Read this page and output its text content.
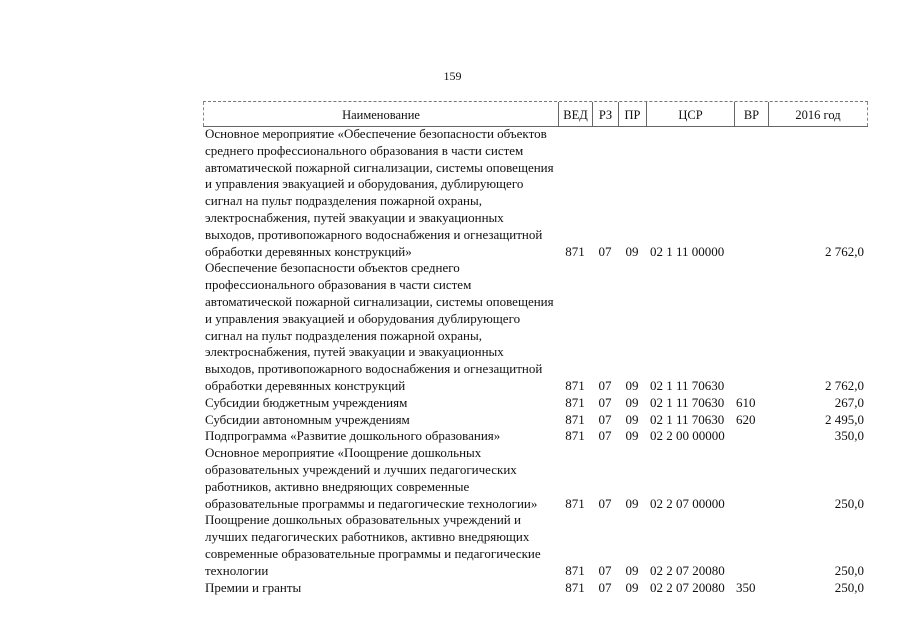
159
Наименование	ВЕД РЗ ПР	ЦСР	ВР	2016 год
Основное мероприятие «Обеспечение безопасности объектов
среднего профессионального образования в части систем
автоматической пожарной сигнализации, системы оповещения
и управления эвакуацией и оборудования, дублирующего
сигнал на пульт подразделения пожарной охраны,
электроснабжения, путей эвакуации и эвакуационных
выходов, противопожарного водоснабжения и огнезащитной
обработки деревянных конструкций»	871	07	09 02 1 11 00000	2 762,0
Обеспечение безопасности объектов среднего
профессионального образования в части систем
автоматической пожарной сигнализации, системы оповещения
и управления эвакуацией и оборудования дублирующего
сигнал на пульт подразделения пожарной охраны,
электроснабжения, путей эвакуации и эвакуационных
выходов, противопожарного водоснабжения и огнезащитной
обработки деревянных конструкций	871	07	09 02 1 11 70630	2 762,0
Субсидии бюджетным учреждениям	871	07	09 02 1 11 70630 610	267,0
Субсидии автономным учреждениям	871	07	09 02 1 11 70630 620	2 495,0
Подпрограмма «Развитие дошкольного образования»	871	07	09 02 2 00 00000	350,0
Основное мероприятие «Поощрение дошкольных
образовательных учреждений и лучших педагогических
работников, активно внедряющих современные
образовательные программы и педагогические технологии»	871	07	09 02 2 07 00000	250,0
Поощрение дошкольных образовательных учреждений и
лучших педагогических работников, активно внедряющих
современные образовательные программы и педагогические
технологии	871	07	09 02 2 07 20080	250,0
Премии и гранты	871	07	09 02 2 07 20080 350	250,0
